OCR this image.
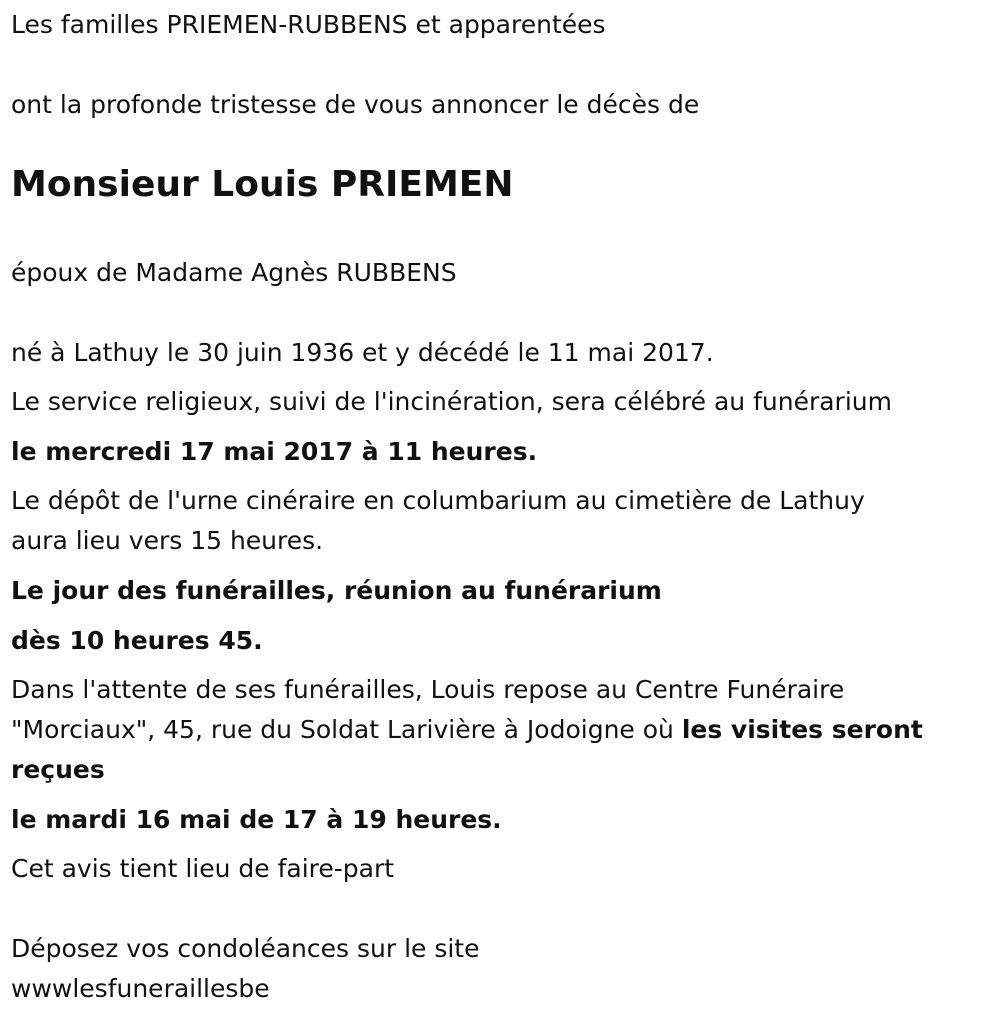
Les familles PRIEMEN-RUBBENS et apparentées

ont la profonde tristesse de vous annoncer le décès de

Monsieur Louis PRIEMEN

époux de Madame Agnès RUBBENS

né à Lathuy le 30 juin 1936 et y décédé le 11 mai 2017.

Le service religieux, suivi de l'incinération, sera célébré au funérarium

le mercredi 17 mai 2017 à 11 heures.

Le dépôt de l'urne cinéraire en columbarium au cimetière de Lathuy

aura lieu vers 15 heures.

Le jour des funérailles, réunion au funérarium

dès 10 heures 45.

Dans l'attente de ses funérailles, Louis repose au Centre Funéraire

"Morciaux", 45, rue du Soldat Larivière à Jodoigne où les visites seront

reçues

le mardi 16 mai de 17 à 19 heures.

Cet avis tient lieu de faire-part

Déposez vos condoléances sur le site

wwwlesfuneraillesbe
